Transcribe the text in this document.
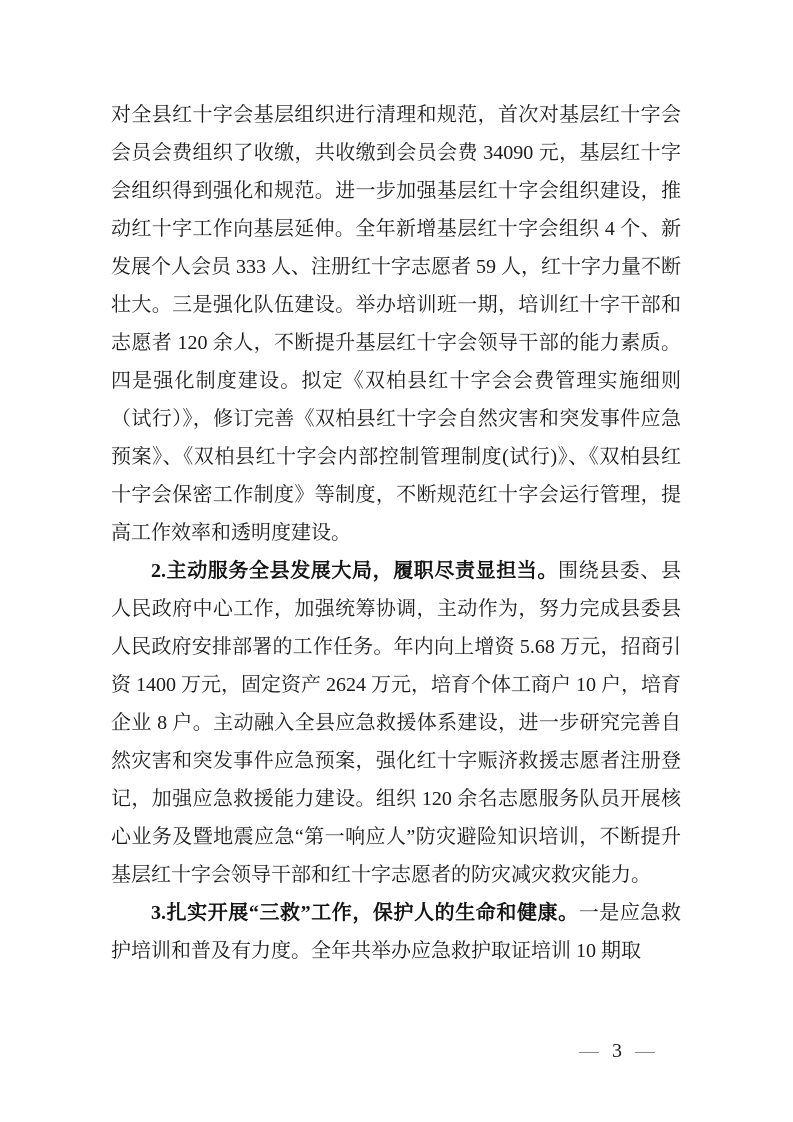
对全县红十字会基层组织进行清理和规范，首次对基层红十字会会员会费组织了收缴，共收缴到会员会费 34090 元，基层红十字会组织得到强化和规范。进一步加强基层红十字会组织建设，推动红十字工作向基层延伸。全年新增基层红十字会组织 4 个、新发展个人会员 333 人、注册红十字志愿者 59 人，红十字力量不断壮大。三是强化队伍建设。举办培训班一期，培训红十字干部和志愿者 120 余人，不断提升基层红十字会领导干部的能力素质。四是强化制度建设。拟定《双柏县红十字会会费管理实施细则（试行）》，修订完善《双柏县红十字会自然灾害和突发事件应急预案》、《双柏县红十字会内部控制管理制度(试行)》、《双柏县红十字会保密工作制度》等制度，不断规范红十字会运行管理，提高工作效率和透明度建设。

2.主动服务全县发展大局，履职尽责显担当。围绕县委、县人民政府中心工作，加强统筹协调，主动作为，努力完成县委县人民政府安排部署的工作任务。年内向上增资 5.68 万元，招商引资 1400 万元，固定资产 2624 万元，培育个体工商户 10 户，培育企业 8 户。主动融入全县应急救援体系建设，进一步研究完善自然灾害和突发事件应急预案，强化红十字赈济救援志愿者注册登记，加强应急救援能力建设。组织 120 余名志愿服务队员开展核心业务及暨地震应急“第一响应人”防灾避险知识培训，不断提升基层红十字会领导干部和红十字志愿者的防灾减灾救灾能力。

3.扎实开展“三救”工作，保护人的生命和健康。一是应急救护培训和普及有力度。全年共举办应急救护取证培训 10 期取

— 3 —
